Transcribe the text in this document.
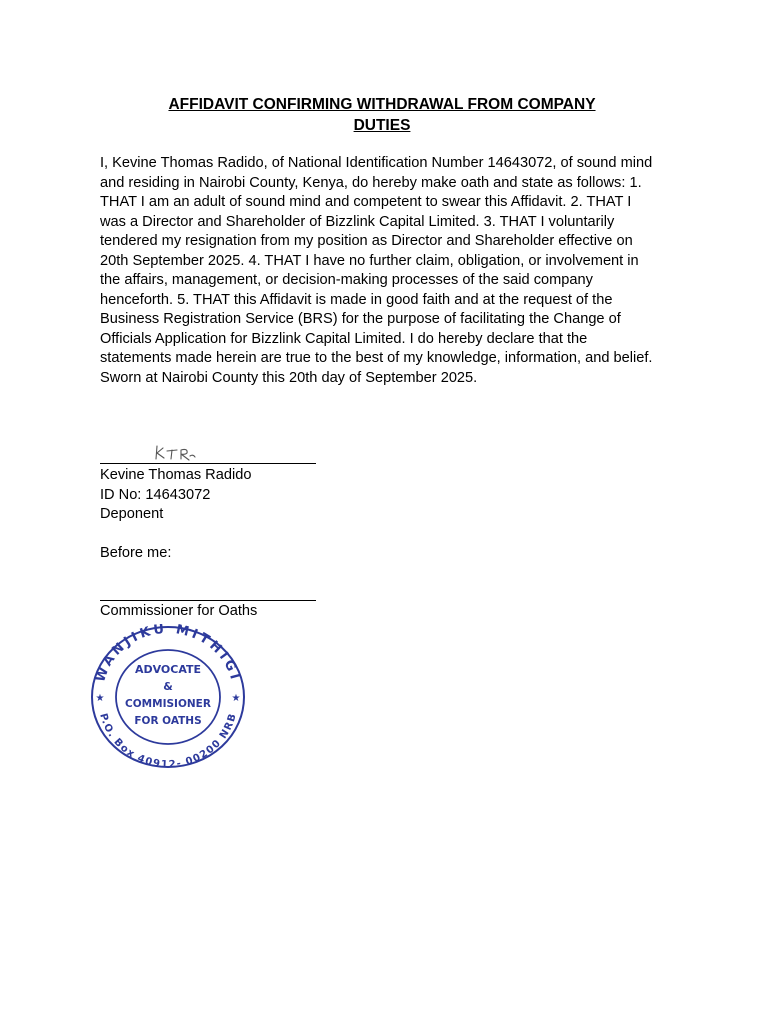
AFFIDAVIT CONFIRMING WITHDRAWAL FROM COMPANY
DUTIES

I, Kevine Thomas Radido, of National Identification Number 14643072, of sound mind and residing in Nairobi County, Kenya, do hereby make oath and state as follows: 1. THAT I am an adult of sound mind and competent to swear this Affidavit. 2. THAT I was a Director and Shareholder of Bizzlink Capital Limited. 3. THAT I voluntarily tendered my resignation from my position as Director and Shareholder effective on 20th September 2025. 4. THAT I have no further claim, obligation, or involvement in the affairs, management, or decision-making processes of the said company henceforth. 5. THAT this Affidavit is made in good faith and at the request of the Business Registration Service (BRS) for the purpose of facilitating the Change of Officials Application for Bizzlink Capital Limited. I do hereby declare that the statements made herein are true to the best of my knowledge, information, and belief. Sworn at Nairobi County this 20th day of September 2025.

Kevine Thomas Radido
ID No: 14643072
Deponent
Before me:
Commissioner for Oaths
WANJIKU MITHIGI
P.O. Box 40912- 00200 NRB
★	★
ADVOCATE
&
COMMISIONER
FOR OATHS
